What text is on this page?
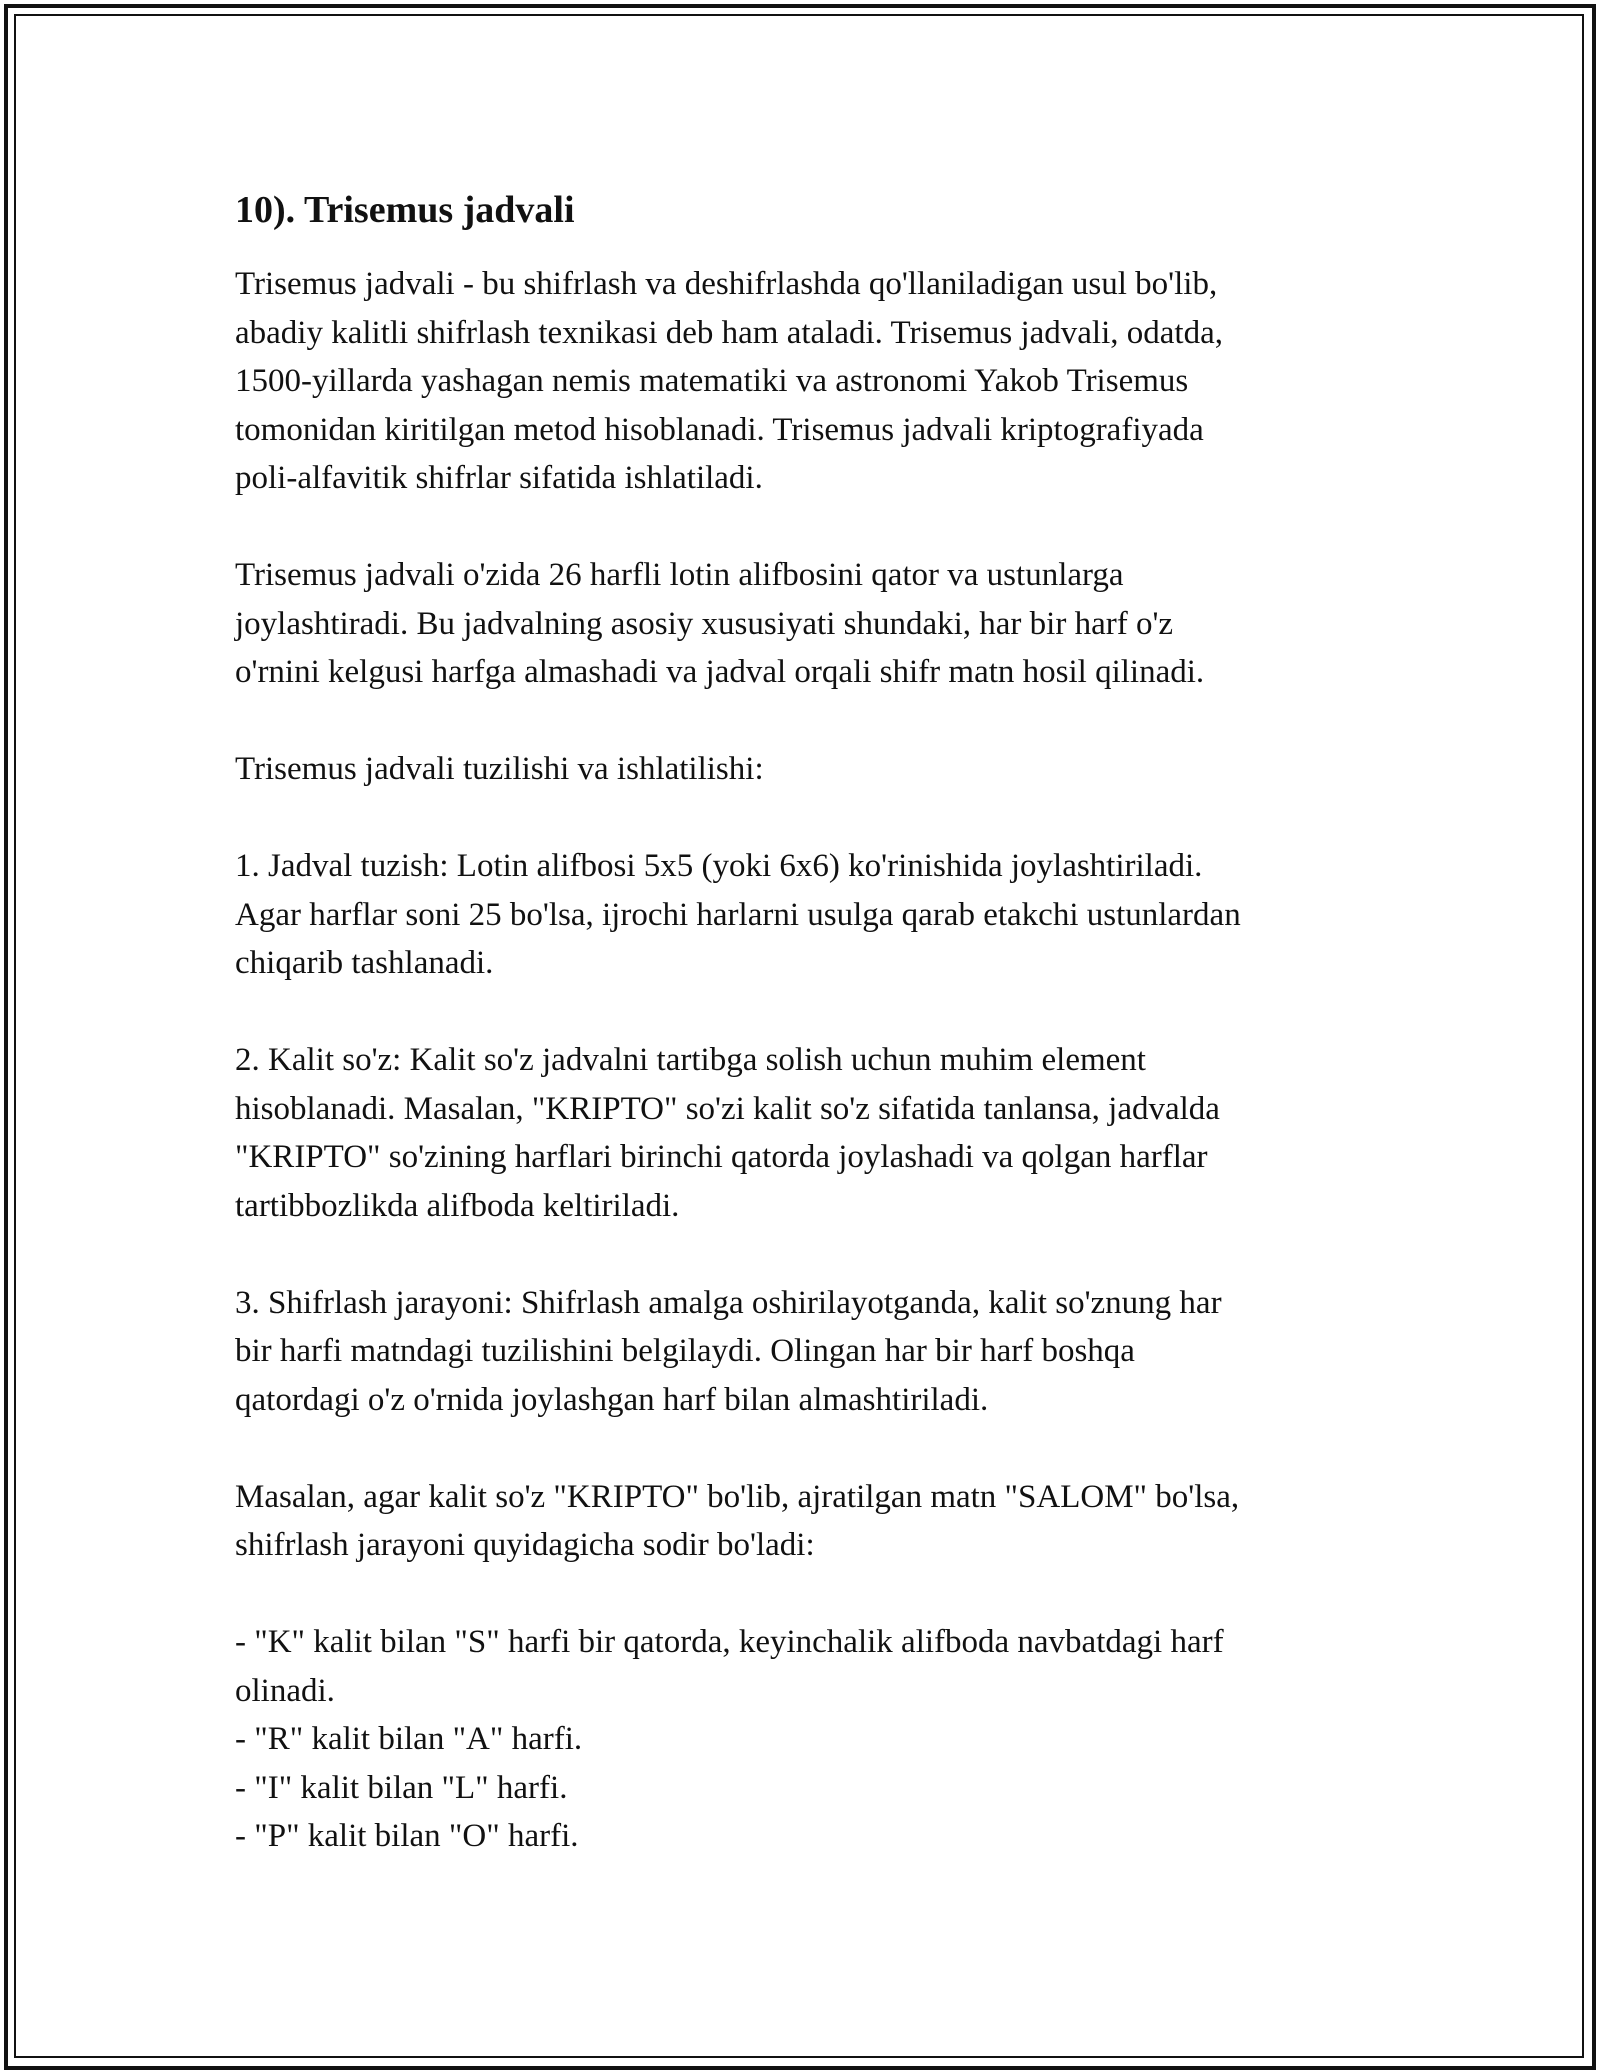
10). Trisemus jadvali

Trisemus jadvali - bu shifrlash va deshifrlashda qo'llaniladigan usul bo'lib,
abadiy kalitli shifrlash texnikasi deb ham ataladi. Trisemus jadvali, odatda,
1500-yillarda yashagan nemis matematiki va astronomi Yakob Trisemus
tomonidan kiritilgan metod hisoblanadi. Trisemus jadvali kriptografiyada
poli-alfavitik shifrlar sifatida ishlatiladi.

Trisemus jadvali o'zida 26 harfli lotin alifbosini qator va ustunlarga
joylashtiradi. Bu jadvalning asosiy xususiyati shundaki, har bir harf o'z
o'rnini kelgusi harfga almashadi va jadval orqali shifr matn hosil qilinadi.

Trisemus jadvali tuzilishi va ishlatilishi:

1. Jadval tuzish: Lotin alifbosi 5x5 (yoki 6x6) ko'rinishida joylashtiriladi.
Agar harflar soni 25 bo'lsa, ijrochi harlarni usulga qarab etakchi ustunlardan
chiqarib tashlanadi.

2. Kalit so'z: Kalit so'z jadvalni tartibga solish uchun muhim element
hisoblanadi. Masalan, "KRIPTO" so'zi kalit so'z sifatida tanlansa, jadvalda
"KRIPTO" so'zining harflari birinchi qatorda joylashadi va qolgan harflar
tartibbozlikda alifboda keltiriladi.

3. Shifrlash jarayoni: Shifrlash amalga oshirilayotganda, kalit so'znung har
bir harfi matndagi tuzilishini belgilaydi. Olingan har bir harf boshqa
qatordagi o'z o'rnida joylashgan harf bilan almashtiriladi.

Masalan, agar kalit so'z "KRIPTO" bo'lib, ajratilgan matn "SALOM" bo'lsa,
shifrlash jarayoni quyidagicha sodir bo'ladi:

- "K" kalit bilan "S" harfi bir qatorda, keyinchalik alifboda navbatdagi harf
olinadi.
- "R" kalit bilan "A" harfi.
- "I" kalit bilan "L" harfi.
- "P" kalit bilan "O" harfi.
